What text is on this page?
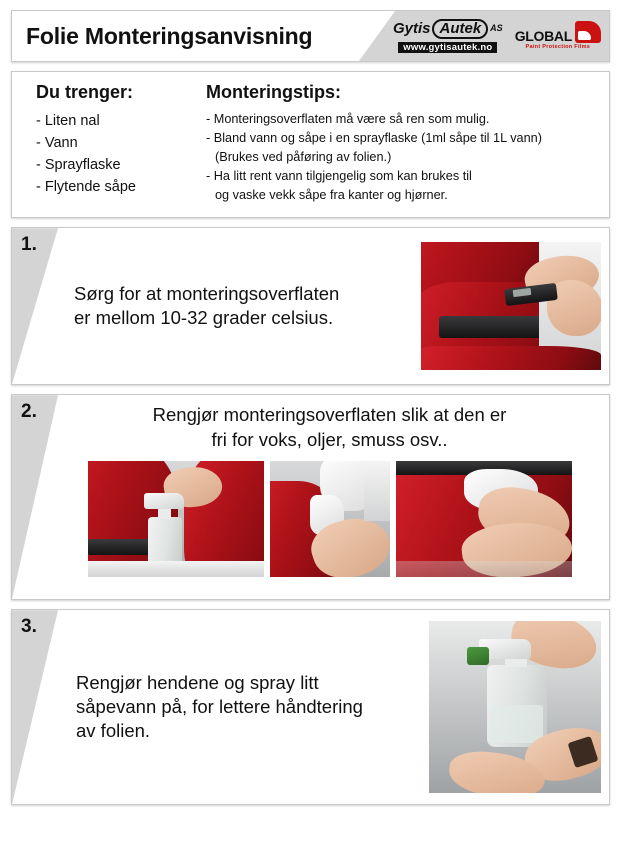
Folie Monteringsanvisning	Gytis Autek	AS
www.gytisautek.no
GLOBAL
Paint Protection Films
Du trenger:
- Liten nal
- Vann
- Sprayflaske
- Flytende såpe
Monteringstips:
- Monteringsoverflaten må være så ren som mulig.
- Bland vann og såpe i en sprayflaske (1ml såpe til 1L vann)
(Brukes ved påføring av folien.)
- Ha litt rent vann tilgjengelig som kan brukes til
og vaske vekk såpe fra kanter og hjørner.
1.
Sørg for at monteringsoverflaten
er mellom 10-32 grader celsius.
2.	Rengjør monteringsoverflaten slik at den er
fri for voks, oljer, smuss osv..
3.
Rengjør hendene og spray litt
såpevann på, for lettere håndtering
av folien.
